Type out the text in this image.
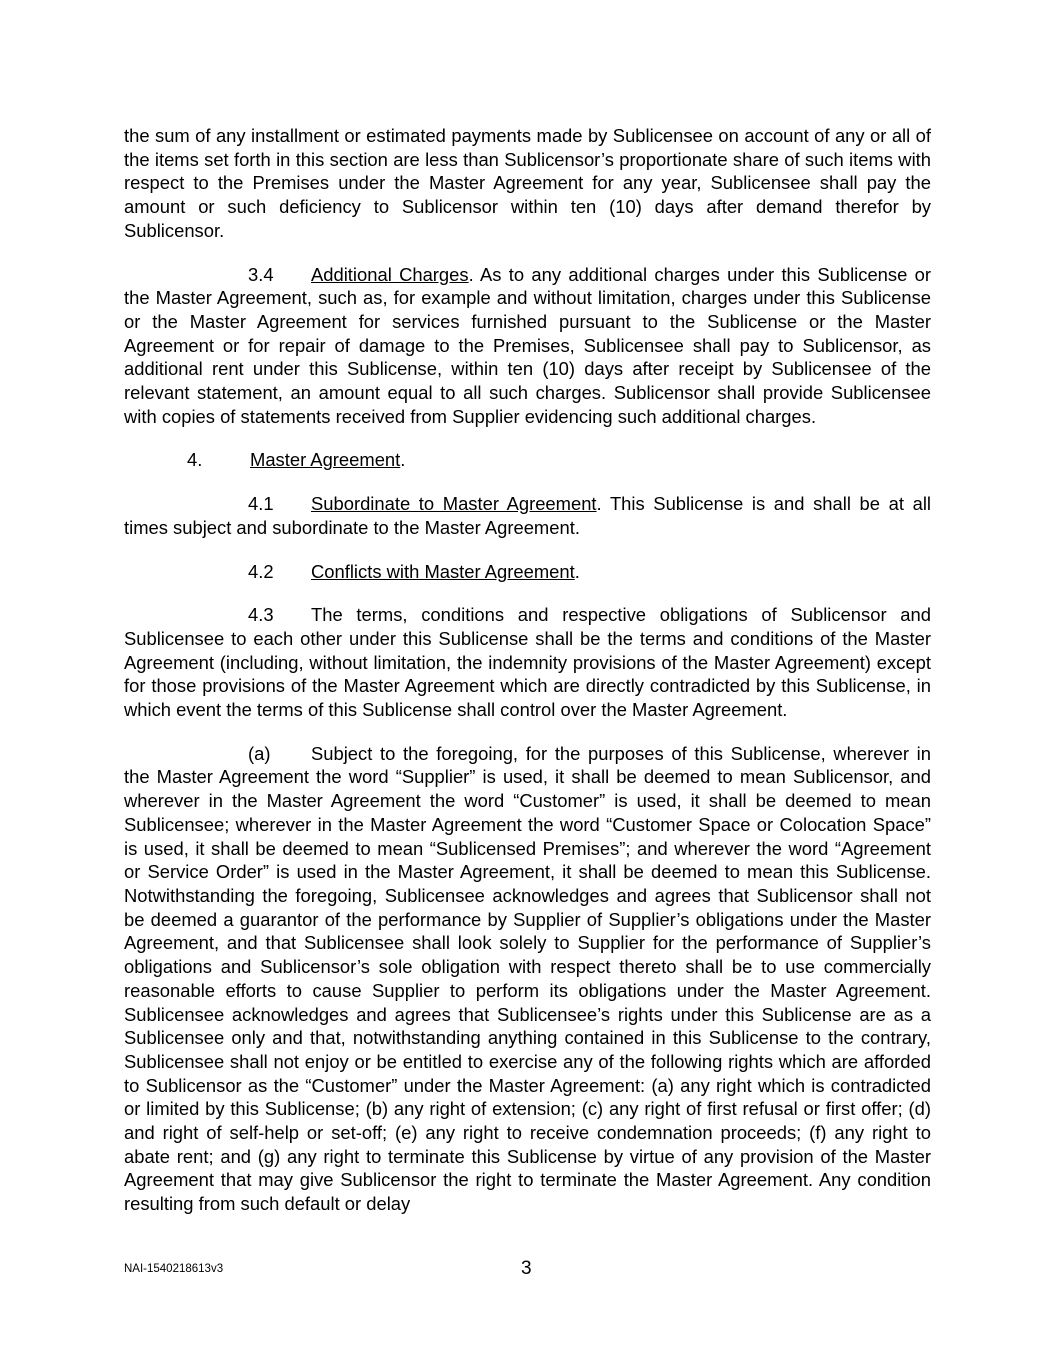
the sum of any installment or estimated payments made by Sublicensee on account of any or all of the items set forth in this section are less than Sublicensor’s proportionate share of such items with respect to the Premises under the Master Agreement for any year, Sublicensee shall pay the amount or such deficiency to Sublicensor within ten (10) days after demand therefor by Sublicensor.

3.4 Additional Charges. As to any additional charges under this Sublicense or the Master Agreement, such as, for example and without limitation, charges under this Sublicense or the Master Agreement for services furnished pursuant to the Sublicense or the Master Agreement or for repair of damage to the Premises, Sublicensee shall pay to Sublicensor, as additional rent under this Sublicense, within ten (10) days after receipt by Sublicensee of the relevant statement, an amount equal to all such charges. Sublicensor shall provide Sublicensee with copies of statements received from Supplier evidencing such additional charges.

4.	Master Agreement.

4.1 Subordinate to Master Agreement. This Sublicense is and shall be at all times subject and subordinate to the Master Agreement.

4.2 Conflicts with Master Agreement.

4.3 The terms, conditions and respective obligations of Sublicensor and Sublicensee to each other under this Sublicense shall be the terms and conditions of the Master Agreement (including, without limitation, the indemnity provisions of the Master Agreement) except for those provisions of the Master Agreement which are directly contradicted by this Sublicense, in which event the terms of this Sublicense shall control over the Master Agreement.

(a) Subject to the foregoing, for the purposes of this Sublicense, wherever in the Master Agreement the word “Supplier” is used, it shall be deemed to mean Sublicensor, and wherever in the Master Agreement the word “Customer” is used, it shall be deemed to mean Sublicensee; wherever in the Master Agreement the word “Customer Space or Colocation Space” is used, it shall be deemed to mean “Sublicensed Premises”; and wherever the word “Agreement or Service Order” is used in the Master Agreement, it shall be deemed to mean this Sublicense. Notwithstanding the foregoing, Sublicensee acknowledges and agrees that Sublicensor shall not be deemed a guarantor of the performance by Supplier of Supplier’s obligations under the Master Agreement, and that Sublicensee shall look solely to Supplier for the performance of Supplier’s obligations and Sublicensor’s sole obligation with respect thereto shall be to use commercially reasonable efforts to cause Supplier to perform its obligations under the Master Agreement. Sublicensee acknowledges and agrees that Sublicensee’s rights under this Sublicense are as a Sublicensee only and that, notwithstanding anything contained in this Sublicense to the contrary, Sublicensee shall not enjoy or be entitled to exercise any of the following rights which are afforded to Sublicensor as the “Customer” under the Master Agreement: (a) any right which is contradicted or limited by this Sublicense; (b) any right of extension; (c) any right of first refusal or first offer; (d) and right of self-help or set-off; (e) any right to receive condemnation proceeds; (f) any right to abate rent; and (g) any right to terminate this Sublicense by virtue of any provision of the Master Agreement that may give Sublicensor the right to terminate the Master Agreement. Any condition resulting from such default or delay

NAI-1540218613v3	3
